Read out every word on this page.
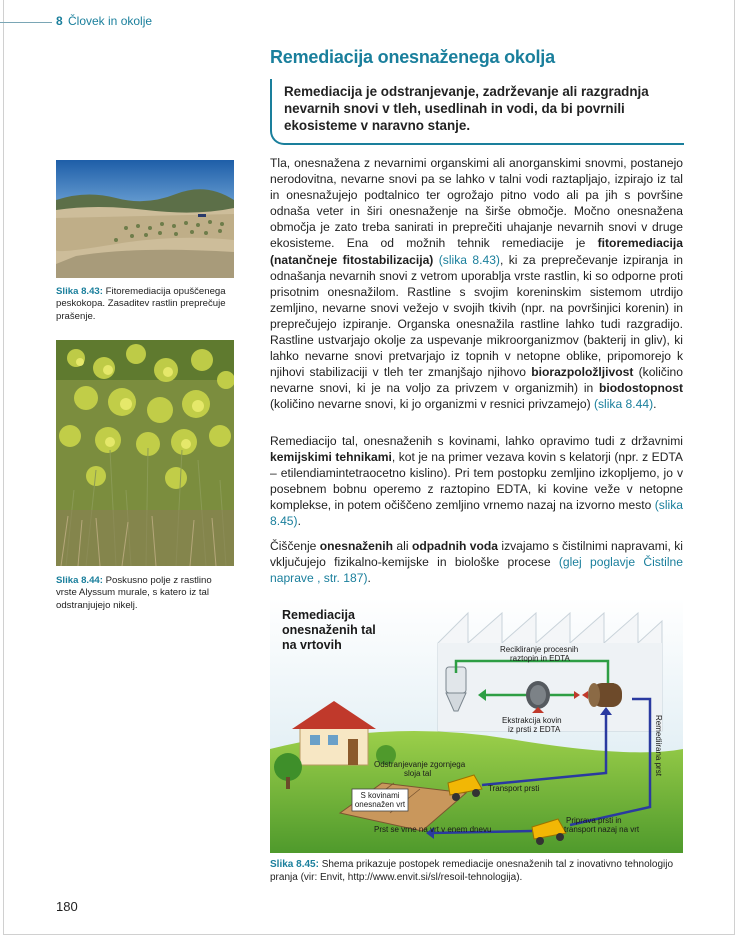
8 Človek in okolje
Remediacija onesnaženega okolja

Remediacija je odstranjevanje, zadrževanje ali razgradnja nevarnih snovi v tleh, usedlinah in vodi, da bi povrnili ekosisteme v naravno stanje.

Slika 8.43: Fitoremediacija opuščenega peskokopa. Zasaditev rastlin preprečuje prašenje.
Slika 8.44: Poskusno polje z rastlino vrste Alyssum murale, s katero iz tal odstranjujejo nikelj.

Tla, onesnažena z nevarnimi organskimi ali anorganskimi snovmi, postanejo nerodovitna, nevarne snovi pa se lahko v talni vodi raztapljajo, izpirajo iz tal in onesnažujejo podtalnico ter ogrožajo pitno vodo ali pa jih s površine odnaša veter in širi onesnaženje na širše območje. Močno onesnažena območja je zato treba sanirati in preprečiti uhajanje nevarnih snovi v druge ekosisteme. Ena od možnih tehnik remediacije je fitoremediacija (natančneje fitostabilizacija) (slika 8.43), ki za preprečevanje izpiranja in odnašanja nevarnih snovi z vetrom uporablja vrste rastlin, ki so odporne proti prisotnim onesnažilom. Rastline s svojim koreninskim sistemom utrdijo zemljino, nevarne snovi vežejo v svojih tkivih (npr. na površinjici korenin) in preprečujejo izpiranje. Organska onesnažila rastline lahko tudi razgradijo. Rastline ustvarjajo okolje za uspevanje mikroorganizmov (bakterij in gliv), ki lahko nevarne snovi pretvarjajo iz topnih v netopne oblike, pripomorejo k njihovi stabilizaciji v tleh ter zmanjšajo njihovo biorazpoložljivost (količino nevarne snovi, ki je na voljo za privzem v organizmih) in biodostopnost (količino nevarne snovi, ki jo organizmi v resnici privzamejo) (slika 8.44).

Remediacijo tal, onesnaženih s kovinami, lahko opravimo tudi z državnimi kemijskimi tehnikami, kot je na primer vezava kovin s kelatorji (npr. z EDTA – etilendiamintetraocetno kislino). Pri tem postopku zemljino izkopljemo, jo v posebnem bobnu operemo z raztopino EDTA, ki kovine veže v netopne komplekse, in potem očiščeno zemljino vrnemo nazaj na izvorno mesto (slika 8.45).

Čiščenje onesnaženih ali odpadnih voda izvajamo s čistilnimi napravami, ki vključujejo fizikalno-kemijske in biološke procese (glej poglavje Čistilne naprave , str. 187).

Remediacija
onesnaženih tal
na vrtovih	Recikliranje procesnih
raztopin in EDTA
Ekstrakcija kovin
iz prsti z EDTA
S kovinami
onesnažen vrt
Odstranjevanje zgornjega
sloja tal
Transport prsti
Remediirana prst
Prst se vrne na vrt v enem dnevu
Priprava prsti in
transport nazaj na vrt
Slika 8.45: Shema prikazuje postopek remediacije onesnaženih tal z inovativno tehnologijo pranja (vir: Envit, http://www.envit.si/sl/resoil-tehnologija).
180
